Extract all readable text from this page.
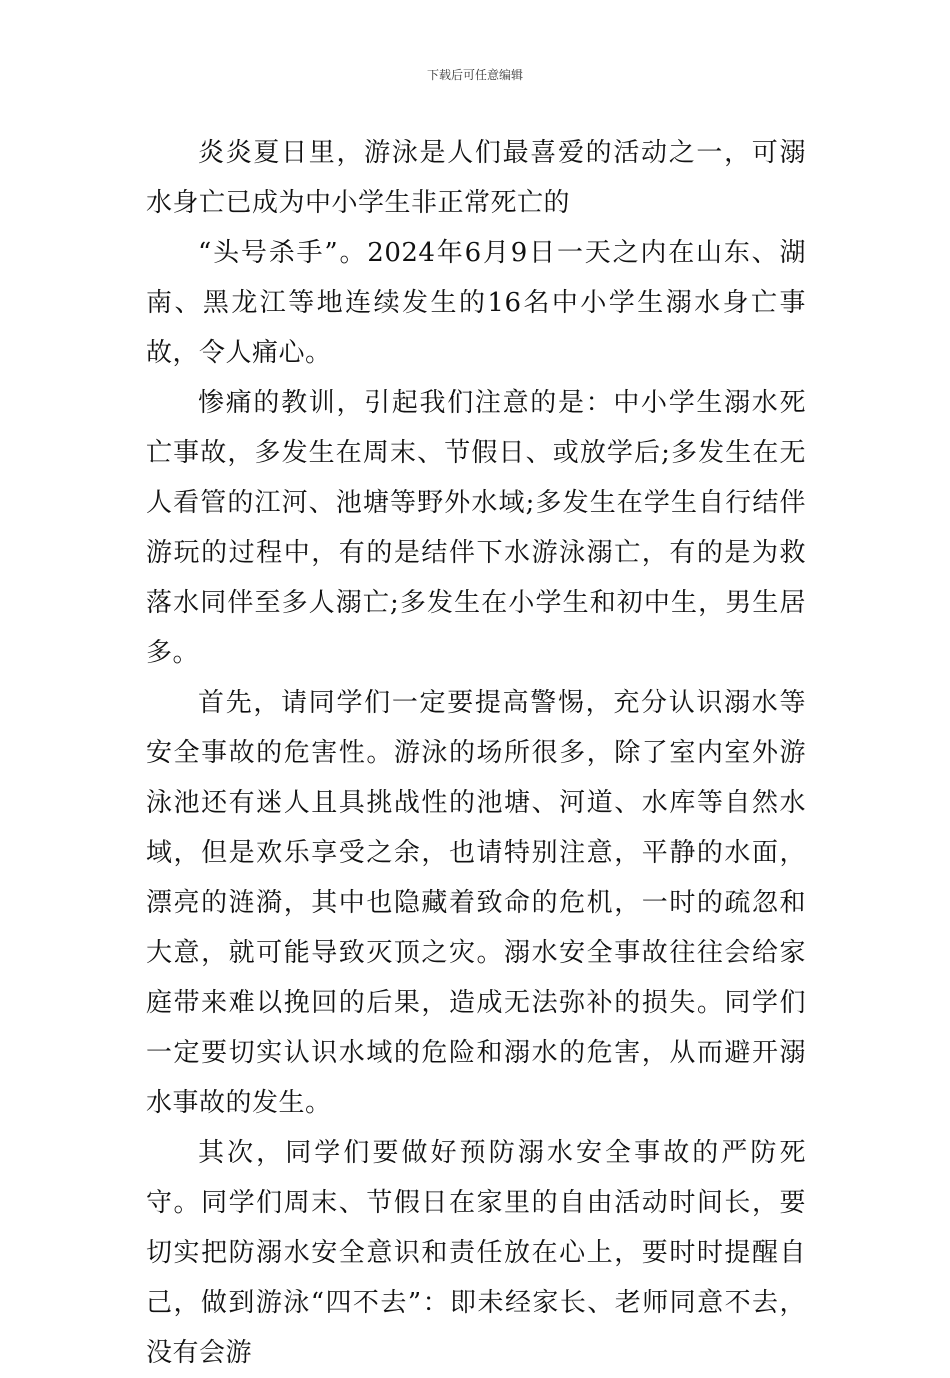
下载后可任意编辑

炎炎夏日里，游泳是人们最喜爱的活动之一，可溺水身亡已成为中小学生非正常死亡的

“头号杀手”。2024年6月9日一天之内在山东、湖南、黑龙江等地连续发生的16名中小学生溺水身亡事故，令人痛心。

惨痛的教训，引起我们注意的是：中小学生溺水死亡事故，多发生在周末、节假日、或放学后;多发生在无人看管的江河、池塘等野外水域;多发生在学生自行结伴游玩的过程中，有的是结伴下水游泳溺亡，有的是为救落水同伴至多人溺亡;多发生在小学生和初中生，男生居多。

首先，请同学们一定要提高警惕，充分认识溺水等安全事故的危害性。游泳的场所很多，除了室内室外游泳池还有迷人且具挑战性的池塘、河道、水库等自然水域，但是欢乐享受之余，也请特别注意，平静的水面，漂亮的涟漪，其中也隐藏着致命的危机，一时的疏忽和大意，就可能导致灭顶之灾。溺水安全事故往往会给家庭带来难以挽回的后果，造成无法弥补的损失。同学们一定要切实认识水域的危险和溺水的危害，从而避开溺水事故的发生。

其次，同学们要做好预防溺水安全事故的严防死守。同学们周末、节假日在家里的自由活动时间长，要切实把防溺水安全意识和责任放在心上，要时时提醒自己，做到游泳“四不去”：即未经家长、老师同意不去，没有会游
